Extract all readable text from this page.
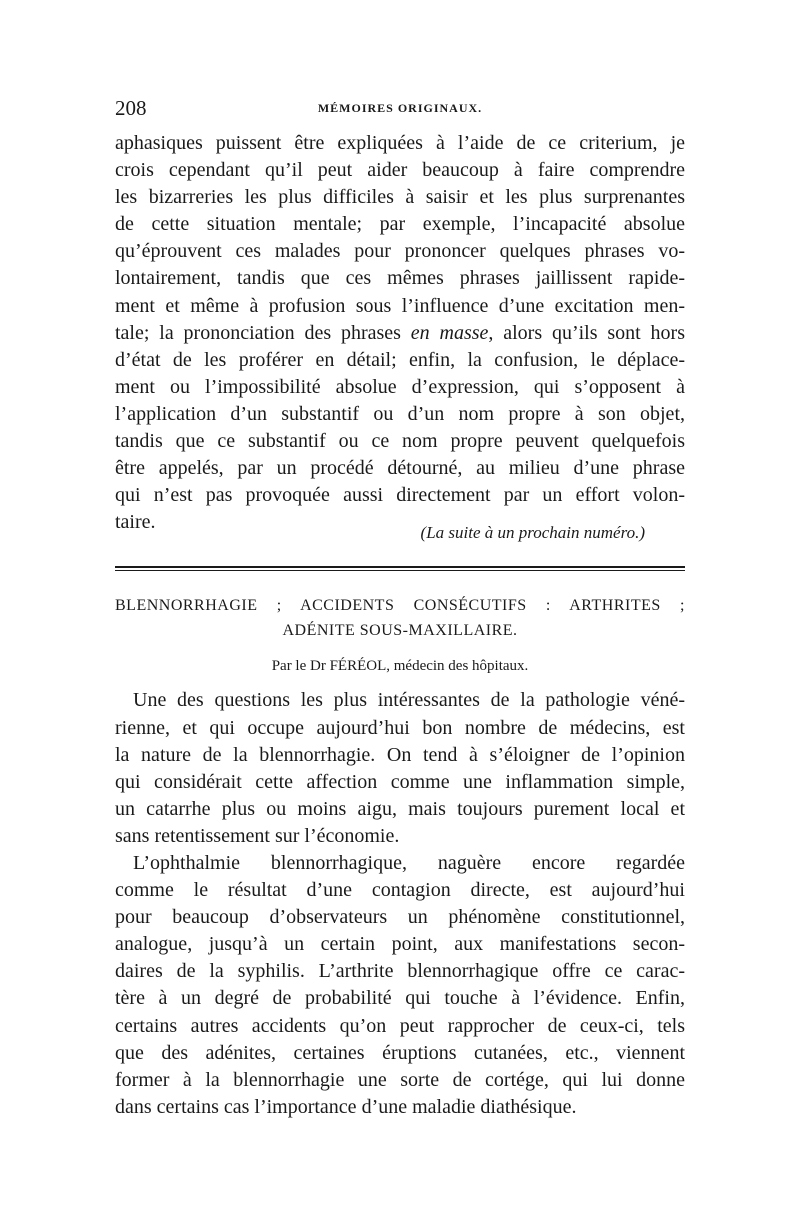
208	MÉMOIRES ORIGINAUX.
aphasiques puissent être expliquées à l’aide de ce criterium, je
crois cependant qu’il peut aider beaucoup à faire comprendre
les bizarreries les plus difficiles à saisir et les plus surprenantes
de cette situation mentale; par exemple, l’incapacité absolue
qu’éprouvent ces malades pour prononcer quelques phrases vo-
lontairement, tandis que ces mêmes phrases jaillissent rapide-
ment et même à profusion sous l’influence d’une excitation men-
tale; la prononciation des phrases en masse, alors qu’ils sont hors
d’état de les proférer en détail; enfin, la confusion, le déplace-
ment ou l’impossibilité absolue d’expression, qui s’opposent à
l’application d’un substantif ou d’un nom propre à son objet,
tandis que ce substantif ou ce nom propre peuvent quelquefois
être appelés, par un procédé détourné, au milieu d’une phrase
qui n’est pas provoquée aussi directement par un effort volon-
taire.	(La suite à un prochain numéro.)
BLENNORRHAGIE ; ACCIDENTS CONSÉCUTIFS : ARTHRITES ;
ADÉNITE SOUS-MAXILLAIRE.
Par le Dr FÉRÉOL, médecin des hôpitaux.
Une des questions les plus intéressantes de la pathologie véné-
rienne, et qui occupe aujourd’hui bon nombre de médecins, est
la nature de la blennorrhagie. On tend à s’éloigner de l’opinion
qui considérait cette affection comme une inflammation simple,
un catarrhe plus ou moins aigu, mais toujours purement local et
sans retentissement sur l’économie.
L’ophthalmie blennorrhagique, naguère encore regardée
comme le résultat d’une contagion directe, est aujourd’hui
pour beaucoup d’observateurs un phénomène constitutionnel,
analogue, jusqu’à un certain point, aux manifestations secon-
daires de la syphilis. L’arthrite blennorrhagique offre ce carac-
tère à un degré de probabilité qui touche à l’évidence. Enfin,
certains autres accidents qu’on peut rapprocher de ceux-ci, tels
que des adénites, certaines éruptions cutanées, etc., viennent
former à la blennorrhagie une sorte de cortége, qui lui donne
dans certains cas l’importance d’une maladie diathésique.
